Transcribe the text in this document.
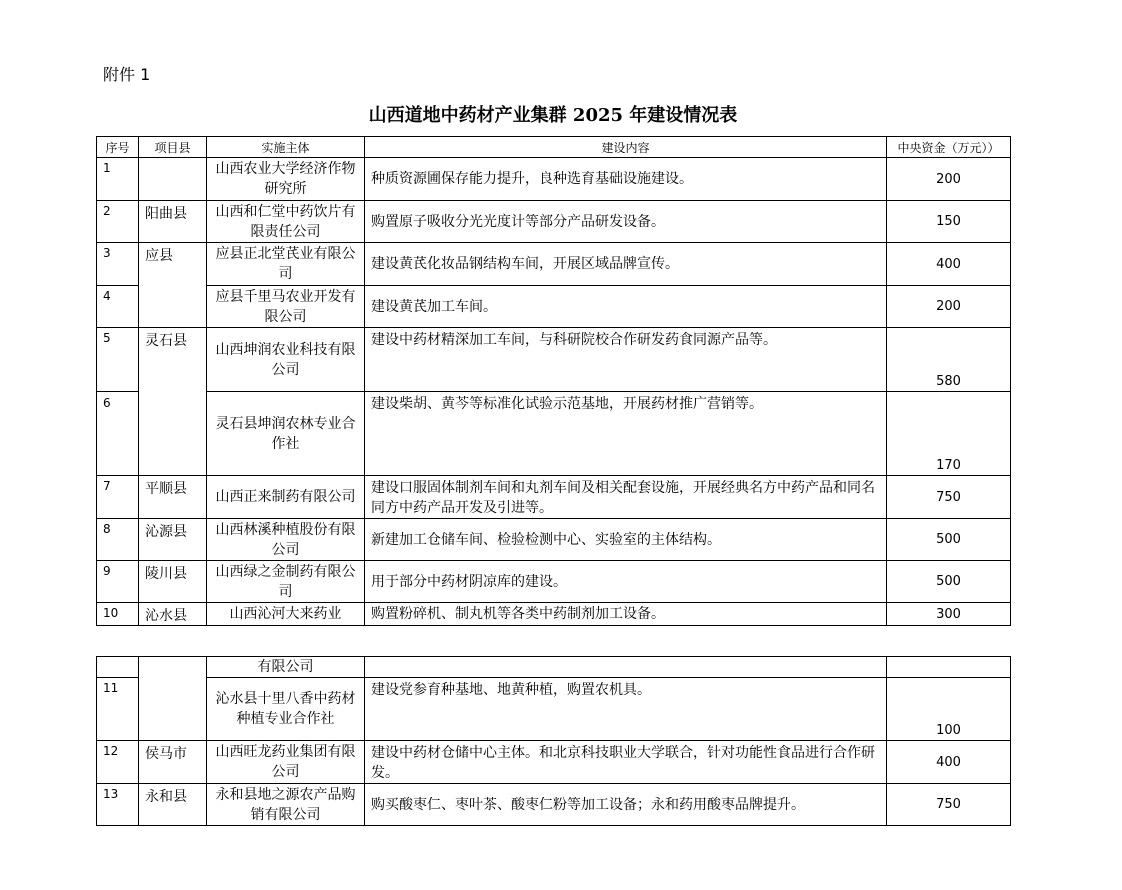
附件 1
山西道地中药材产业集群 2025 年建设情况表
序号	项目县	实施主体	建设内容	中央资金（万元））
1		山西农业大学经济作物研究所	种质资源圃保存能力提升，良种选育基础设施建设。	200
2	阳曲县	山西和仁堂中药饮片有限责任公司	购置原子吸收分光光度计等部分产品研发设备。	150
3	应县	应县正北堂芪业有限公司	建设黄芪化妆品钢结构车间，开展区域品牌宣传。	400
4		应县千里马农业开发有限公司	建设黄芪加工车间。	200
5	灵石县	山西坤润农业科技有限公司	建设中药材精深加工车间，与科研院校合作研发药食同源产品等。	580
6		灵石县坤润农林专业合作社	建设柴胡、黄芩等标准化试验示范基地，开展药材推广营销等。	170
7	平顺县	山西正来制药有限公司	建设口服固体制剂车间和丸剂车间及相关配套设施，开展经典名方中药产品和同名同方中药产品开发及引进等。	750
8	沁源县	山西林溪种植股份有限公司	新建加工仓储车间、检验检测中心、实验室的主体结构。	500
9	陵川县	山西绿之金制药有限公司	用于部分中药材阴凉库的建设。	500
10	沁水县	山西沁河大来药业	购置粉碎机、制丸机等各类中药制剂加工设备。	300
		有限公司		
11		沁水县十里八香中药材种植专业合作社	建设党参育种基地、地黄种植，购置农机具。	100
12	侯马市	山西旺龙药业集团有限公司	建设中药材仓储中心主体。和北京科技职业大学联合，针对功能性食品进行合作研发。	400
13	永和县	永和县地之源农产品购销有限公司	购买酸枣仁、枣叶茶、酸枣仁粉等加工设备；永和药用酸枣品牌提升。	750
